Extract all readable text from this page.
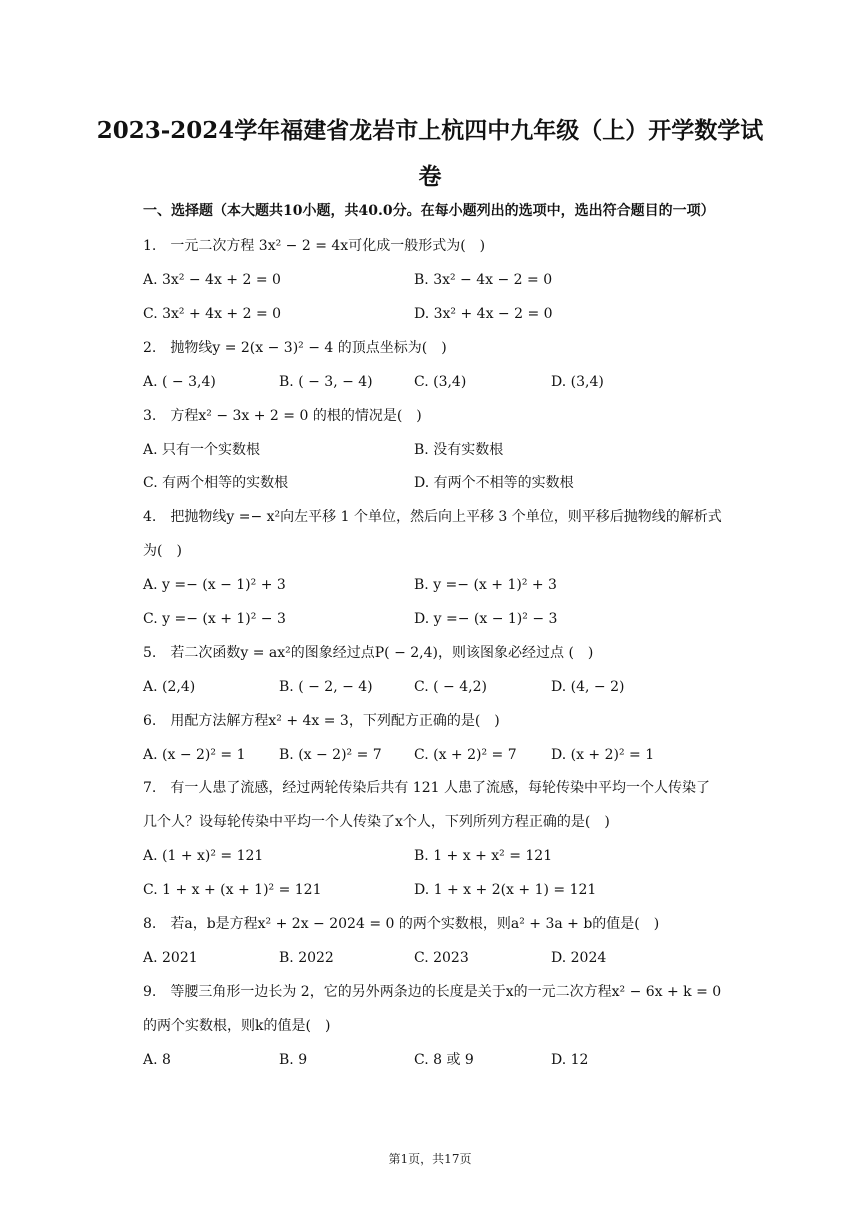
2023-2024学年福建省龙岩市上杭四中九年级（上）开学数学试
卷
一、选择题（本大题共10小题，共40.0分。在每小题列出的选项中，选出符合题目的一项）
1.　一元二次方程 3x² − 2 = 4x可化成一般形式为(　)
A. 3x² − 4x + 2 = 0	B. 3x² − 4x − 2 = 0
C. 3x² + 4x + 2 = 0	D. 3x² + 4x − 2 = 0
2.　抛物线y = 2(x − 3)² − 4 的顶点坐标为(　)
A. ( − 3,4)	B. ( − 3, − 4)	C. (3,4)	D. (3,4)
3.　方程x² − 3x + 2 = 0 的根的情况是(　)
A. 只有一个实数根	B. 没有实数根
C. 有两个相等的实数根	D. 有两个不相等的实数根
4.　把抛物线y =− x²向左平移 1 个单位，然后向上平移 3 个单位，则平移后抛物线的解析式
为(　)
A. y =− (x − 1)² + 3	B. y =− (x + 1)² + 3
C. y =− (x + 1)² − 3	D. y =− (x − 1)² − 3
5.　若二次函数y = ax²的图象经过点P( − 2,4)，则该图象必经过点 (　)
A. (2,4)	B. ( − 2, − 4)	C. ( − 4,2)	D. (4, − 2)
6.　用配方法解方程x² + 4x = 3，下列配方正确的是(　)
A. (x − 2)² = 1 B. (x − 2)² = 7 C. (x + 2)² = 7 D. (x + 2)² = 1
7.　有一人患了流感，经过两轮传染后共有 121 人患了流感，每轮传染中平均一个人传染了
几个人？设每轮传染中平均一个人传染了x个人，下列所列方程正确的是(　)
A. (1 + x)² = 121	B. 1 + x + x² = 121
C. 1 + x + (x + 1)² = 121	D. 1 + x + 2(x + 1) = 121
8.　若a，b是方程x² + 2x − 2024 = 0 的两个实数根，则a² + 3a + b的值是(　)
A. 2021	B. 2022	C. 2023	D. 2024
9.　等腰三角形一边长为 2，它的另外两条边的长度是关于x的一元二次方程x² − 6x + k = 0
的两个实数根，则k的值是(　)
A. 8	B. 9	C. 8 或 9	D. 12
第1页，共17页
